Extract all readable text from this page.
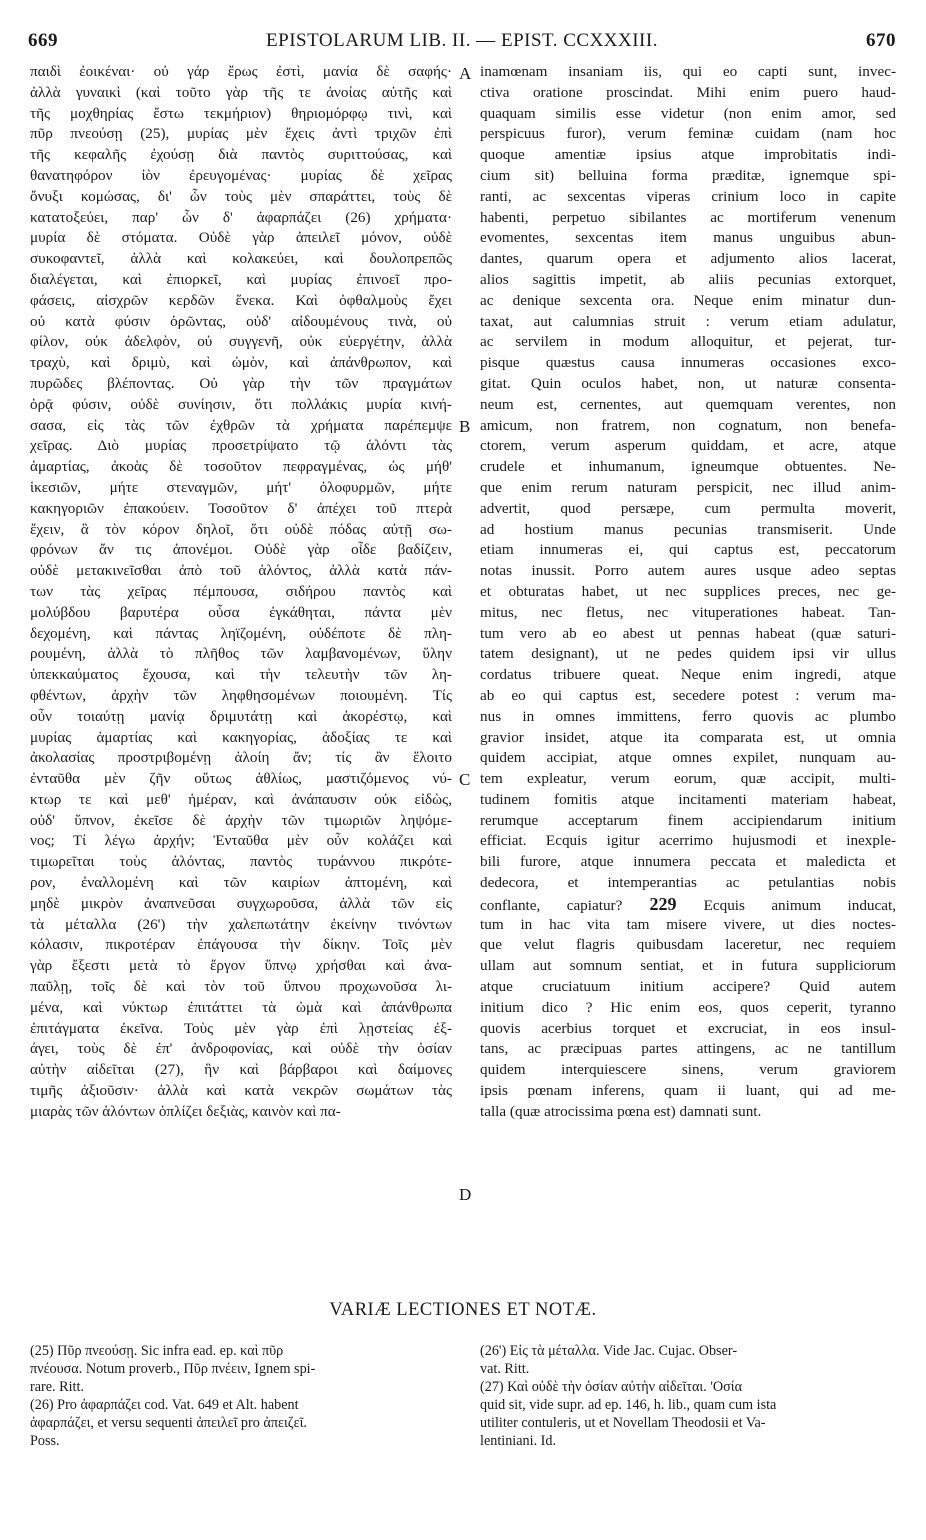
669	EPISTOLARUM LIB. II. — EPIST. CCXXXIII.	670
A
B
C
D
παιδὶ ἐοικέναι· οὐ γάρ ἔρως ἐστὶ, μανία δὲ σαφής·
ἀλλὰ γυναικὶ (καὶ τοῦτο γὰρ τῆς τε ἀνοίας αὐτῆς καὶ
τῆς μοχθηρίας ἔστω τεκμήριον) θηριομόρφῳ τινὶ, καὶ
πῦρ πνεούσῃ (25), μυρίας μὲν ἔχεις ἀντὶ τριχῶν ἐπὶ
τῆς κεφαλῆς ἐχούσῃ διὰ παντὸς συριττούσας, καὶ
θανατηφόρον ἰὸν ἐρευγομένας· μυρίας δὲ χεῖρας
ὄνυξι κομώσας, δι' ὧν τοὺς μὲν σπαράττει, τοὺς δὲ
κατατοξεύει, παρ' ὧν δ' ἀφαρπάζει (26) χρήματα·
μυρία δὲ στόματα. Οὐδὲ γὰρ ἀπειλεῖ μόνον, οὐδὲ
συκοφαντεῖ, ἀλλὰ καὶ κολακεύει, καὶ δουλοπρεπῶς
διαλέγεται, καὶ ἐπιορκεῖ, καὶ μυρίας ἐπινοεῖ προ-
φάσεις, αἰσχρῶν κερδῶν ἕνεκα. Καὶ ὀφθαλμοὺς ἔχει
οὐ κατὰ φύσιν ὁρῶντας, οὐδ' αἰδουμένους τινὰ, οὐ
φίλον, οὐκ ἀδελφὸν, οὐ συγγενῆ, οὐκ εὐεργέτην, ἀλλὰ
τραχὺ, καὶ δριμὺ, καὶ ὠμὸν, καὶ ἀπάνθρωπον, καὶ
πυρῶδες βλέποντας. Οὐ γὰρ τὴν τῶν πραγμάτων
ὁρᾷ φύσιν, οὐδὲ συνίησιν, ὅτι πολλάκις μυρία κινή-
σασα, εἰς τὰς τῶν ἐχθρῶν τὰ χρήματα παρέπεμψε
χεῖρας. Διὸ μυρίας προσετρίψατο τῷ ἁλόντι τὰς
ἁμαρτίας, ἀκοὰς δὲ τοσοῦτον πεφραγμένας, ὡς μήθ'
ἱκεσιῶν, μήτε στεναγμῶν, μήτ' ὀλοφυρμῶν, μήτε
κακηγοριῶν ἐπακούειν. Τοσοῦτον δ' ἀπέχει τοῦ πτερὰ
ἔχειν, ἃ τὸν κόρον δηλοῖ, ὅτι οὐδὲ πόδας αὐτῇ σω-
φρόνων ἄν τις ἀπονέμοι. Οὐδὲ γὰρ οἶδε βαδίζειν,
οὐδὲ μετακινεῖσθαι ἀπὸ τοῦ ἁλόντος, ἀλλὰ κατὰ πάν-
των τὰς χεῖρας πέμπουσα, σιδήρου παντὸς καὶ
μολύβδου βαρυτέρα οὖσα ἐγκάθηται, πάντα μὲν
δεχομένη, καὶ πάντας ληϊζομένη, οὐδέποτε δὲ πλη-
ρουμένη, ἀλλὰ τὸ πλῆθος τῶν λαμβανομένων, ὕλην
ὑπεκκαύματος ἔχουσα, καὶ τὴν τελευτὴν τῶν λη-
φθέντων, ἀρχὴν τῶν ληφθησομένων ποιουμένη. Τίς
οὖν τοιαύτῃ μανίᾳ δριμυτάτῃ καὶ ἀκορέστῳ, καὶ
μυρίας ἁμαρτίας καὶ κακηγορίας, ἀδοξίας τε καὶ
ἀκολασίας προστριβομένῃ ἁλοίη ἄν; τίς ἂν ἕλοιτο
ἐνταῦθα μὲν ζῆν οὕτως ἀθλίως, μαστιζόμενος νύ-
κτωρ τε καὶ μεθ' ἡμέραν, καὶ ἀνάπαυσιν οὐκ εἰδὼς,
οὐδ' ὕπνον, ἐκεῖσε δὲ ἀρχὴν τῶν τιμωριῶν ληψόμε-
νος; Τί λέγω ἀρχήν; Ἐνταῦθα μὲν οὖν κολάζει καὶ
τιμωρεῖται τοὺς ἁλόντας, παντὸς τυράννου πικρότε-
ρον, ἐναλλομένη καὶ τῶν καιρίων ἁπτομένη, καὶ
μηδὲ μικρὸν ἀναπνεῦσαι συγχωροῦσα, ἀλλὰ τῶν εἰς
τὰ μέταλλα (26') τὴν χαλεπωτάτην ἐκείνην τινόντων
κόλασιν, πικροτέραν ἐπάγουσα τὴν δίκην. Τοῖς μὲν
γὰρ ἔξεστι μετὰ τὸ ἔργον ὕπνῳ χρήσθαι καὶ ἀνα-
παῦλῃ, τοῖς δὲ καὶ τὸν τοῦ ὕπνου προχωνοῦσα λι-
μένα, καὶ νύκτωρ ἐπιτάττει τὰ ὠμὰ καὶ ἀπάνθρωπα
ἐπιτάγματα ἐκεῖνα. Τοὺς μὲν γὰρ ἐπὶ λῃστείας ἐξ-
άγει, τοὺς δὲ ἐπ' ἀνδροφονίας, καὶ οὐδὲ τὴν ὁσίαν
αὐτὴν αἰδεῖται (27), ἣν καὶ βάρβαροι καὶ δαίμονες
τιμῆς ἀξιοῦσιν· ἀλλὰ καὶ κατὰ νεκρῶν σωμάτων τὰς
μιαρὰς τῶν ἁλόντων ὁπλίζει δεξιὰς, καινὸν καὶ πα-
inamœnam insaniam iis, qui eo capti sunt, invec-
ctiva oratione proscindat. Mihi enim puero haud-
quaquam similis esse videtur (non enim amor, sed
perspicuus furor), verum feminæ cuidam (nam hoc
quoque amentiæ ipsius atque improbitatis indi-
cium sit) belluina forma præditæ, ignemque spi-
ranti, ac sexcentas viperas crinium loco in capite
habenti, perpetuo sibilantes ac mortiferum venenum
evomentes, sexcentas item manus unguibus abun-
dantes, quarum opera et adjumento alios lacerat,
alios sagittis impetit, ab aliis pecunias extorquet,
ac denique sexcenta ora. Neque enim minatur dun-
taxat, aut calumnias struit : verum etiam adulatur,
ac servilem in modum alloquitur, et pejerat, tur-
pisque quæstus causa innumeras occasiones exco-
gitat. Quin oculos habet, non, ut naturæ consenta-
neum est, cernentes, aut quemquam verentes, non
amicum, non fratrem, non cognatum, non benefa-
ctorem, verum asperum quiddam, et acre, atque
crudele et inhumanum, igneumque obtuentes. Ne-
que enim rerum naturam perspicit, nec illud anim-
advertit, quod persæpe, cum permulta moverit,
ad hostium manus pecunias transmiserit. Unde
etiam innumeras ei, qui captus est, peccatorum
notas inussit. Porro autem aures usque adeo septas
et obturatas habet, ut nec supplices preces, nec ge-
mitus, nec fletus, nec vituperationes habeat. Tan-
tum vero ab eo abest ut pennas habeat (quæ saturi-
tatem designant), ut ne pedes quidem ipsi vir ullus
cordatus tribuere queat. Neque enim ingredi, atque
ab eo qui captus est, secedere potest : verum ma-
nus in omnes immittens, ferro quovis ac plumbo
gravior insidet, atque ita comparata est, ut omnia
quidem accipiat, atque omnes expilet, nunquam au-
tem expleatur, verum eorum, quæ accipit, multi-
tudinem fomitis atque incitamenti materiam habeat,
rerumque acceptarum finem accipiendarum initium
efficiat. Ecquis igitur acerrimo hujusmodi et inexple-
bili furore, atque innumera peccata et maledicta et
dedecora, et intemperantias ac petulantias nobis
conflante, capiatur? 229 Ecquis animum inducat,
tum in hac vita tam misere vivere, ut dies noctes-
que velut flagris quibusdam laceretur, nec requiem
ullam aut somnum sentiat, et in futura suppliciorum
atque cruciatuum initium accipere? Quid autem
initium dico ? Hic enim eos, quos ceperit, tyranno
quovis acerbius torquet et excruciat, in eos insul-
tans, ac præcipuas partes attingens, ac ne tantillum
quidem interquiescere sinens, verum graviorem
ipsis pœnam inferens, quam ii luant, qui ad me-
talla (quæ atrocissima pœna est) damnati sunt.
VARIÆ LECTIONES ET NOTÆ.
(25) Πῦρ πνεούσῃ. Sic infra ead. ep. καὶ πῦρ
πνέουσα. Notum proverb., Πῦρ πνέειν, Ignem spi-
rare. Ritt.
(26) Pro ἀφαρπάζει cod. Vat. 649 et Alt. habent
ἀφαρπάζει, et versu sequenti ἀπειλεῖ pro ἀπειζεῖ.
Poss.
(26') Εἰς τὰ μέταλλα. Vide Jac. Cujac. Obser-
vat. Ritt.
(27) Καὶ οὐδὲ τὴν ὁσίαν αὐτὴν αἰδεῖται. 'Οσία
quid sit, vide supr. ad ep. 146, h. lib., quam cum ista
utiliter contuleris, ut et Novellam Theodosii et Va-
lentiniani. Id.
